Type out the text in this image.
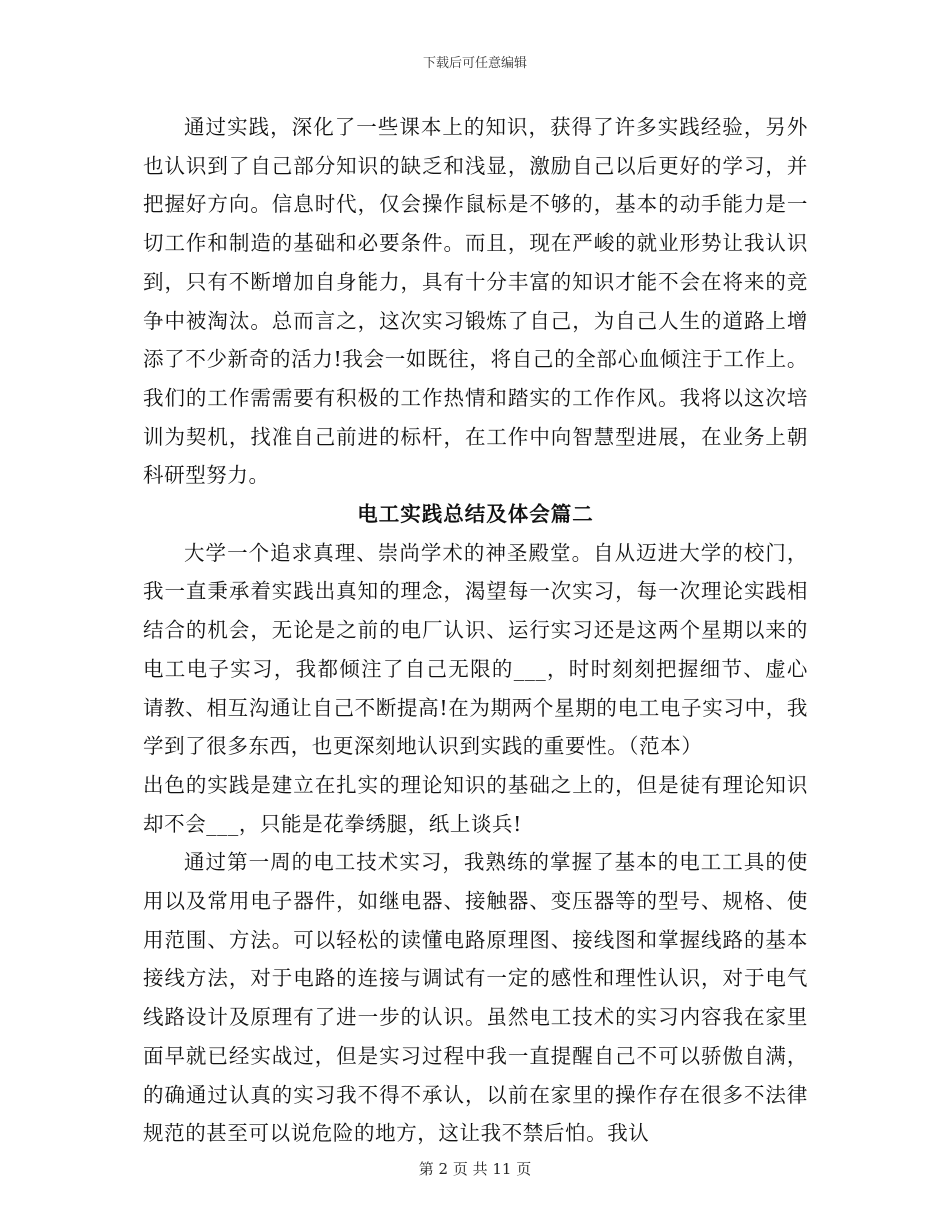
下载后可任意编辑

通过实践，深化了一些课本上的知识，获得了许多实践经验，另外也认识到了自己部分知识的缺乏和浅显，激励自己以后更好的学习，并把握好方向。信息时代，仅会操作鼠标是不够的，基本的动手能力是一切工作和制造的基础和必要条件。而且，现在严峻的就业形势让我认识到，只有不断增加自身能力，具有十分丰富的知识才能不会在将来的竞争中被淘汰。总而言之，这次实习锻炼了自己，为自己人生的道路上增添了不少新奇的活力!我会一如既往，将自己的全部心血倾注于工作上。我们的工作需需要有积极的工作热情和踏实的工作作风。我将以这次培训为契机，找准自己前进的标杆，在工作中向智慧型进展，在业务上朝科研型努力。

电工实践总结及体会篇二

大学一个追求真理、崇尚学术的神圣殿堂。自从迈进大学的校门，我一直秉承着实践出真知的理念，渴望每一次实习，每一次理论实践相结合的机会，无论是之前的电厂认识、运行实习还是这两个星期以来的电工电子实习，我都倾注了自己无限的___，时时刻刻把握细节、虚心请教、相互沟通让自己不断提高!在为期两个星期的电工电子实习中，我学到了很多东西，也更深刻地认识到实践的重要性。（范本）

出色的实践是建立在扎实的理论知识的基础之上的，但是徒有理论知识却不会___，只能是花拳绣腿，纸上谈兵!

通过第一周的电工技术实习，我熟练的掌握了基本的电工工具的使用以及常用电子器件，如继电器、接触器、变压器等的型号、规格、使用范围、方法。可以轻松的读懂电路原理图、接线图和掌握线路的基本接线方法，对于电路的连接与调试有一定的感性和理性认识，对于电气线路设计及原理有了进一步的认识。虽然电工技术的实习内容我在家里面早就已经实战过，但是实习过程中我一直提醒自己不可以骄傲自满，的确通过认真的实习我不得不承认，以前在家里的操作存在很多不法律规范的甚至可以说危险的地方，这让我不禁后怕。我认

第 2 页 共 11 页
